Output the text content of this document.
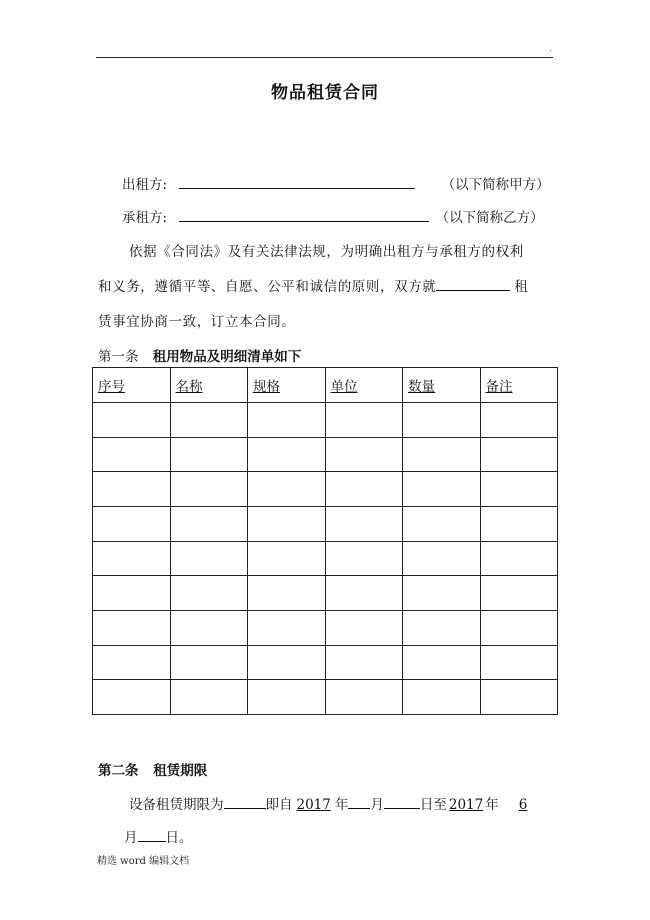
.
物品租赁合同
出租方:	（以下简称甲方）
承租方:	（以下简称乙方）
依据《合同法》及有关法律法规，为明确出租方与承租方的权利
和义务，遵循平等、自愿、公平和诚信的原则，双方就	租
赁事宜协商一致，订立本合同。
第一条 租用物品及明细清单如下
序号	名称	规格	单位	数量	备注

第二条 租赁期限
设备租赁期限为	即自 2017 年 月	日至 2017 年 6
月 日。
精选 word 编辑文档
